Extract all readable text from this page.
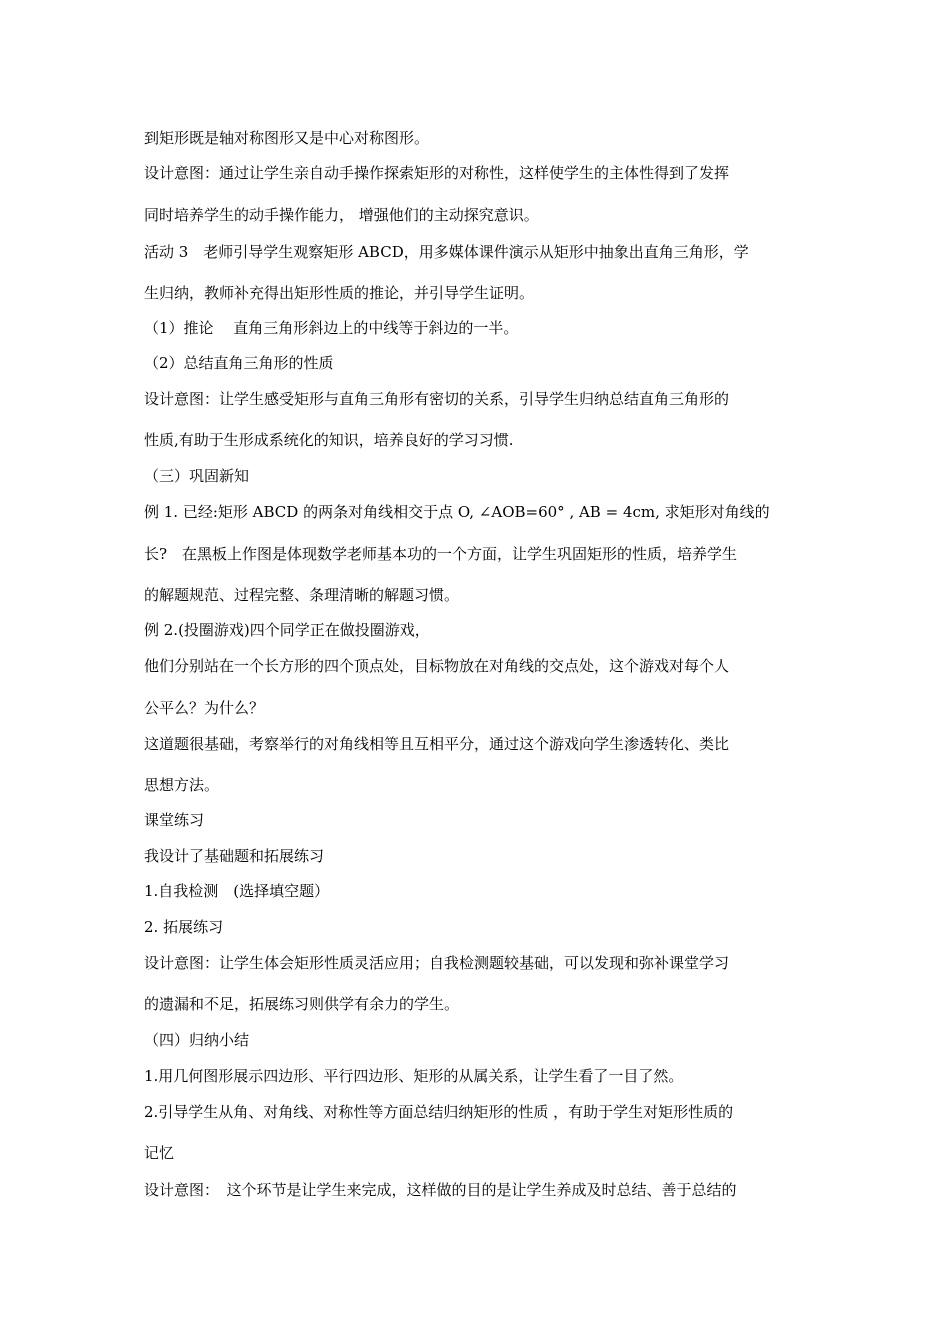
到矩形既是轴对称图形又是中心对称图形。
设计意图：通过让学生亲自动手操作探索矩形的对称性，这样使学生的主体性得到了发挥
同时培养学生的动手操作能力， 增强他们的主动探究意识。
活动 3　老师引导学生观察矩形 ABCD，用多媒体课件演示从矩形中抽象出直角三角形，学
生归纳，教师补充得出矩形性质的推论，并引导学生证明。
（1）推论　 直角三角形斜边上的中线等于斜边的一半。
（2）总结直角三角形的性质
设计意图：让学生感受矩形与直角三角形有密切的关系，引导学生归纳总结直角三角形的
性质,有助于生形成系统化的知识，培养良好的学习习惯.
（三）巩固新知
例 1. 已经:矩形 ABCD 的两条对角线相交于点 O, ∠AOB=60° , AB = 4cm, 求矩形对角线的
长?　在黑板上作图是体现数学老师基本功的一个方面，让学生巩固矩形的性质，培养学生
的解题规范、过程完整、条理清晰的解题习惯。
例 2.(投圈游戏)四个同学正在做投圈游戏，
他们分别站在一个长方形的四个顶点处，目标物放在对角线的交点处，这个游戏对每个人
公平么？为什么？
这道题很基础，考察举行的对角线相等且互相平分，通过这个游戏向学生渗透转化、类比
思想方法。
课堂练习
我设计了基础题和拓展练习
1.自我检测　(选择填空题）
2. 拓展练习
设计意图：让学生体会矩形性质灵活应用；自我检测题较基础，可以发现和弥补课堂学习
的遗漏和不足，拓展练习则供学有余力的学生。
（四）归纳小结
1.用几何图形展示四边形、平行四边形、矩形的从属关系，让学生看了一目了然。
2.引导学生从角、对角线、对称性等方面总结归纳矩形的性质 ，有助于学生对矩形性质的
记忆
设计意图：　这个环节是让学生来完成，这样做的目的是让学生养成及时总结、善于总结的
